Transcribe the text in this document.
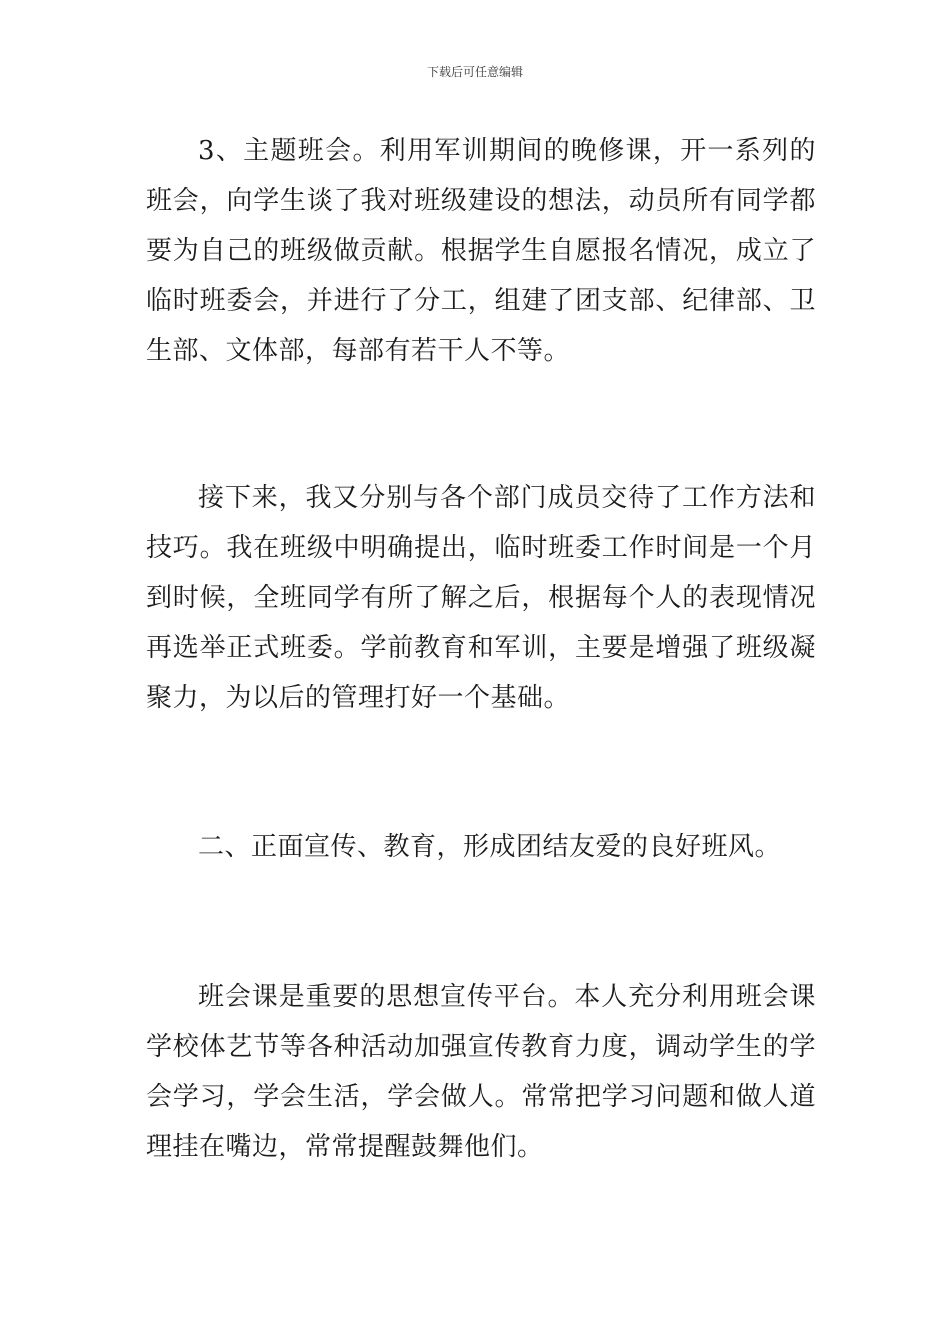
下载后可任意编辑

3、主题班会。利用军训期间的晚修课，开一系列的班会，向学生谈了我对班级建设的想法，动员所有同学都要为自己的班级做贡献。根据学生自愿报名情况，成立了临时班委会，并进行了分工，组建了团支部、纪律部、卫生部、文体部，每部有若干人不等。

接下来，我又分别与各个部门成员交待了工作方法和技巧。我在班级中明确提出，临时班委工作时间是一个月到时候，全班同学有所了解之后，根据每个人的表现情况再选举正式班委。学前教育和军训，主要是增强了班级凝聚力，为以后的管理打好一个基础。

二、正面宣传、教育，形成团结友爱的良好班风。

班会课是重要的思想宣传平台。本人充分利用班会课学校体艺节等各种活动加强宣传教育力度，调动学生的学会学习，学会生活，学会做人。常常把学习问题和做人道理挂在嘴边，常常提醒鼓舞他们。
